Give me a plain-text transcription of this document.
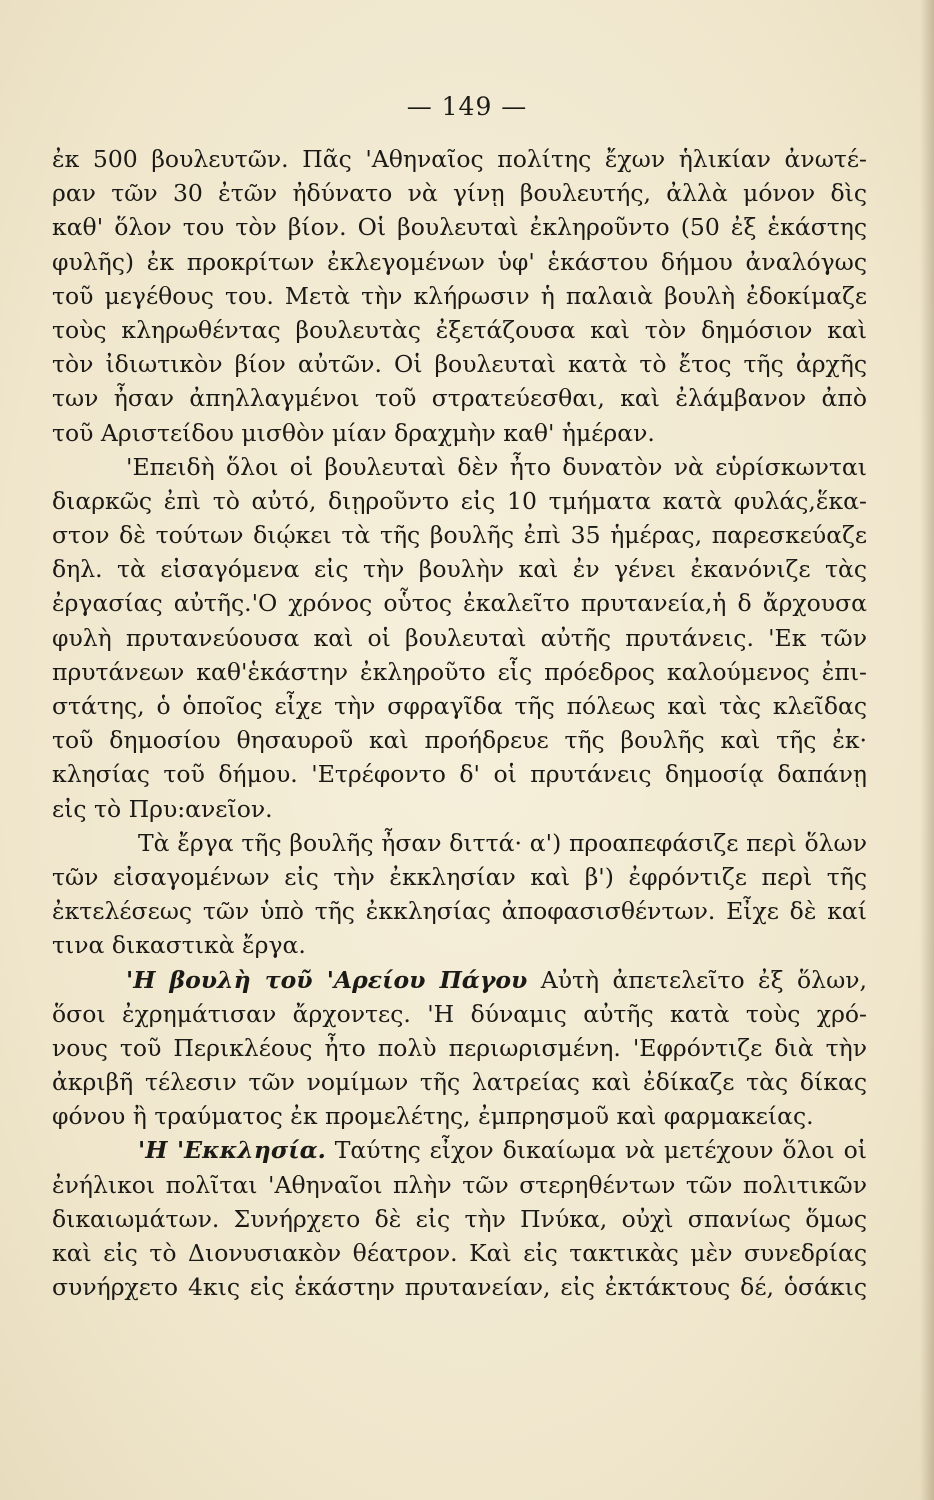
— 149 —
ἐκ 500 βουλευτῶν. Πᾶς 'Αθηναῖος πολίτης ἔχων ἡλικίαν ἀνωτέ-
ραν τῶν 30 ἐτῶν ἠδύνατο νὰ γίνῃ βουλευτής, ἀλλὰ μόνον δὶς
καθ' ὅλον του τὸν βίον. Οἱ βουλευταὶ ἐκληροῦντο (50 ἐξ ἑκάστης
φυλῆς) ἐκ προκρίτων ἐκλεγομένων ὑφ' ἑκάστου δήμου ἀναλόγως
τοῦ μεγέθους του. Μετὰ τὴν κλήρωσιν ἡ παλαιὰ βουλὴ ἐδοκίμαζε
τοὺς κληρωθέντας βουλευτὰς ἐξετάζουσα καὶ τὸν δημόσιον καὶ
τὸν ἰδιωτικὸν βίον αὐτῶν. Οἱ βουλευταὶ κατὰ τὸ ἔτος τῆς ἀρχῆς
των ἦσαν ἀπηλλαγμένοι τοῦ στρατεύεσθαι, καὶ ἐλάμβανον ἀπὸ
τοῦ Αριστείδου μισθὸν μίαν δραχμὴν καθ' ἡμέραν.
'Επειδὴ ὅλοι οἱ βουλευταὶ δὲν ἦτο δυνατὸν νὰ εὑρίσκωνται
διαρκῶς ἐπὶ τὸ αὐτό, διῃροῦντο εἰς 10 τμήματα κατὰ φυλάς,ἕκα-
στον δὲ τούτων διῴκει τὰ τῆς βουλῆς ἐπὶ 35 ἡμέρας, παρεσκεύαζε
δηλ. τὰ εἰσαγόμενα εἰς τὴν βουλὴν καὶ ἐν γένει ἐκανόνιζε τὰς
ἐργασίας αὐτῆς.'Ο χρόνος οὗτος ἐκαλεῖτο πρυτανεία,ἡ δ ἄρχουσα
φυλὴ πρυτανεύουσα καὶ οἱ βουλευταὶ αὐτῆς πρυτάνεις. 'Εκ τῶν
πρυτάνεων καθ'ἑκάστην ἐκληροῦτο εἷς πρόεδρος καλούμενος ἐπι-
στάτης, ὁ ὁποῖος εἶχε τὴν σφραγῖδα τῆς πόλεως καὶ τὰς κλεῖδας
τοῦ δημοσίου θησαυροῦ καὶ προήδρευε τῆς βουλῆς καὶ τῆς ἐκ·
κλησίας τοῦ δήμου. 'Ετρέφοντο δ' οἱ πρυτάνεις δημοσίᾳ δαπάνῃ
εἰς τὸ Πρυ:ανεῖον.
Τὰ ἔργα τῆς βουλῆς ἦσαν διττά· α') προαπεφάσιζε περὶ ὅλων
τῶν εἰσαγομένων εἰς τὴν ἐκκλησίαν καὶ β') ἐφρόντιζε περὶ τῆς
ἐκτελέσεως τῶν ὑπὸ τῆς ἐκκλησίας ἀποφασισθέντων. Εἶχε δὲ καί
τινα δικαστικὰ ἔργα.
'Η βουλὴ τοῦ 'Αρείου Πάγου Αὐτὴ ἀπετελεῖτο ἐξ ὅλων,
ὅσοι ἐχρημάτισαν ἄρχοντες. 'Η δύναμις αὐτῆς κατὰ τοὺς χρό-
νους τοῦ Περικλέους ἦτο πολὺ περιωρισμένη. 'Εφρόντιζε διὰ τὴν
ἀκριβῆ τέλεσιν τῶν νομίμων τῆς λατρείας καὶ ἐδίκαζε τὰς δίκας
φόνου ἢ τραύματος ἐκ προμελέτης, ἐμπρησμοῦ καὶ φαρμακείας.
'Η 'Εκκλησία. Ταύτης εἶχον δικαίωμα νὰ μετέχουν ὅλοι οἱ
ἐνήλικοι πολῖται 'Αθηναῖοι πλὴν τῶν στερηθέντων τῶν πολιτικῶν
δικαιωμάτων. Συνήρχετο δὲ εἰς τὴν Πνύκα, οὐχὶ σπανίως ὅμως
καὶ εἰς τὸ Διονυσιακὸν θέατρον. Καὶ εἰς τακτικὰς μὲν συνεδρίας
συνήρχετο 4κις εἰς ἑκάστην πρυτανείαν, εἰς ἐκτάκτους δέ, ὁσάκις
